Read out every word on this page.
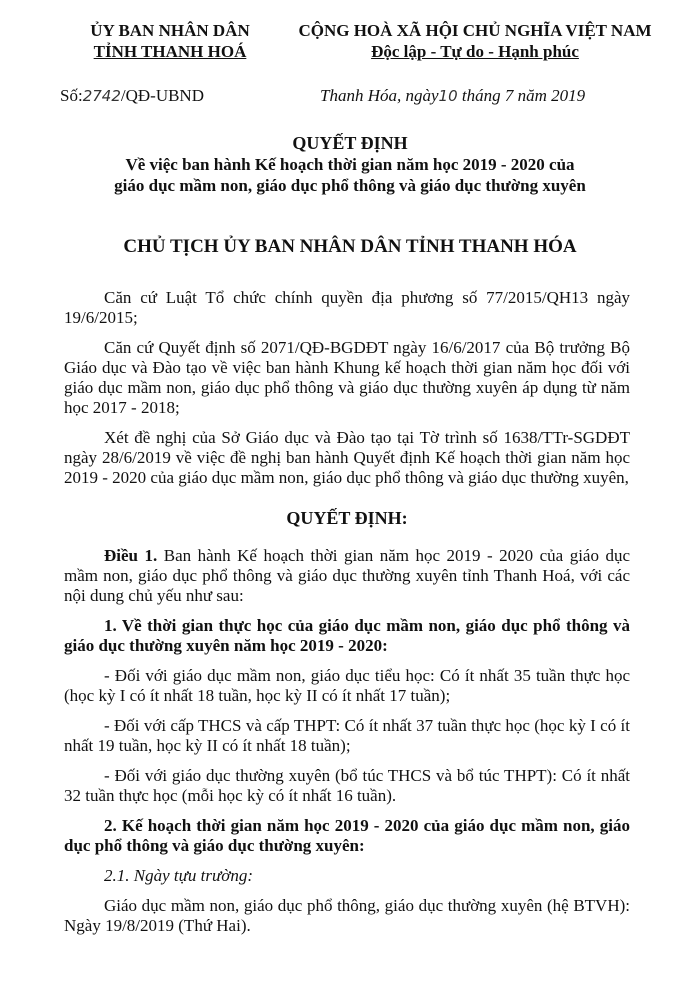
ỦY BAN NHÂN DÂN
TỈNH THANH HOÁ
CỘNG HOÀ XÃ HỘI CHỦ NGHĨA VIỆT NAM
Độc lập - Tự do - Hạnh phúc
Số:2742/QĐ-UBND	Thanh Hóa, ngày10 tháng 7 năm 2019
QUYẾT ĐỊNH
Về việc ban hành Kế hoạch thời gian năm học 2019 - 2020 của
giáo dục mầm non, giáo dục phổ thông và giáo dục thường xuyên
CHỦ TỊCH ỦY BAN NHÂN DÂN TỈNH THANH HÓA

Căn cứ Luật Tổ chức chính quyền địa phương số 77/2015/QH13 ngày 19/6/2015;

Căn cứ Quyết định số 2071/QĐ-BGDĐT ngày 16/6/2017 của Bộ trưởng Bộ Giáo dục và Đào tạo về việc ban hành Khung kế hoạch thời gian năm học đối với giáo dục mầm non, giáo dục phổ thông và giáo dục thường xuyên áp dụng từ năm học 2017 - 2018;

Xét đề nghị của Sở Giáo dục và Đào tạo tại Tờ trình số 1638/TTr-SGDĐT ngày 28/6/2019 về việc đề nghị ban hành Quyết định Kế hoạch thời gian năm học 2019 - 2020 của giáo dục mầm non, giáo dục phổ thông và giáo dục thường xuyên,

QUYẾT ĐỊNH:

Điều 1. Ban hành Kế hoạch thời gian năm học 2019 - 2020 của giáo dục mầm non, giáo dục phổ thông và giáo dục thường xuyên tỉnh Thanh Hoá, với các nội dung chủ yếu như sau:

1. Về thời gian thực học của giáo dục mầm non, giáo dục phổ thông và giáo dục thường xuyên năm học 2019 - 2020:

- Đối với giáo dục mầm non, giáo dục tiểu học: Có ít nhất 35 tuần thực học (học kỳ I có ít nhất 18 tuần, học kỳ II có ít nhất 17 tuần);

- Đối với cấp THCS và cấp THPT: Có ít nhất 37 tuần thực học (học kỳ I có ít nhất 19 tuần, học kỳ II có ít nhất 18 tuần);

- Đối với giáo dục thường xuyên (bổ túc THCS và bổ túc THPT): Có ít nhất 32 tuần thực học (mỗi học kỳ có ít nhất 16 tuần).

2. Kế hoạch thời gian năm học 2019 - 2020 của giáo dục mầm non, giáo dục phổ thông và giáo dục thường xuyên:

2.1. Ngày tựu trường:

Giáo dục mầm non, giáo dục phổ thông, giáo dục thường xuyên (hệ BTVH): Ngày 19/8/2019 (Thứ Hai).
